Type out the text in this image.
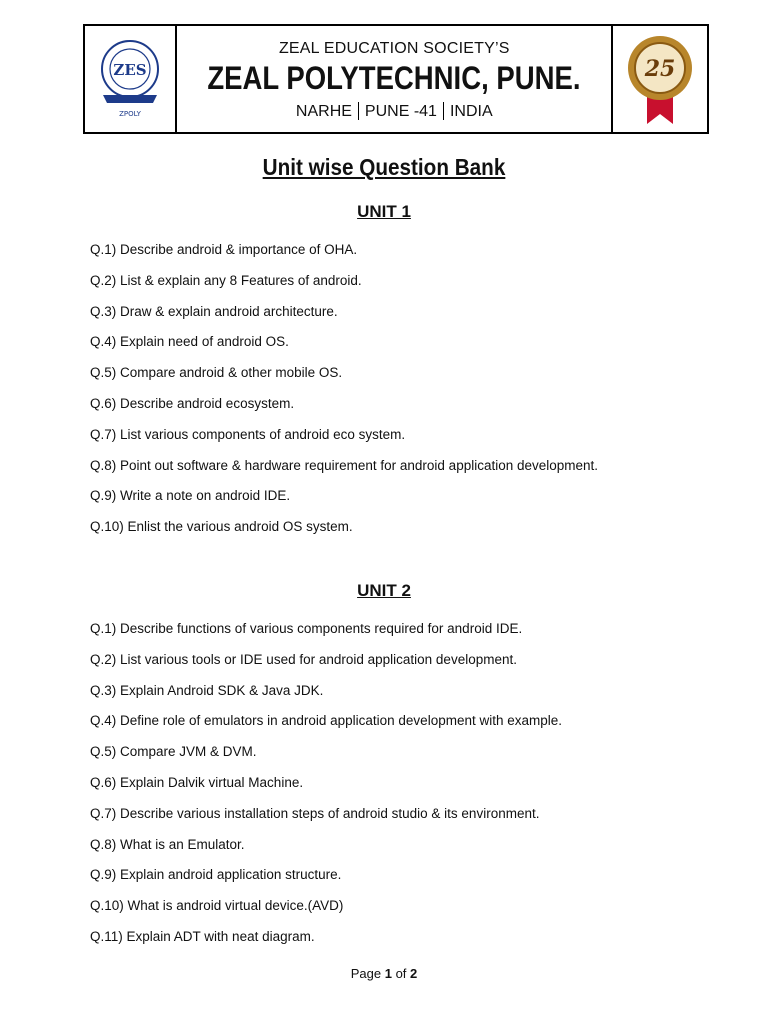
ZES
ZPOLY
ZEAL EDUCATION SOCIETY’S
ZEAL POLYTECHNIC, PUNE.
NARHE PUNE -41 INDIA
25
Unit wise Question Bank
UNIT 1
Q.1) Describe android & importance of OHA.
Q.2) List & explain any 8 Features of android.
Q.3) Draw & explain android architecture.
Q.4) Explain need of android OS.
Q.5) Compare android & other mobile OS.
Q.6) Describe android ecosystem.
Q.7) List various components of android eco system.
Q.8) Point out software & hardware requirement for android application development.
Q.9) Write a note on android IDE.
Q.10) Enlist the various android OS system.
UNIT 2
Q.1) Describe functions of various components required for android IDE.
Q.2) List various tools or IDE used for android application development.
Q.3) Explain Android SDK & Java JDK.
Q.4) Define role of emulators in android application development with example.
Q.5) Compare JVM & DVM.
Q.6) Explain Dalvik virtual Machine.
Q.7) Describe various installation steps of android studio & its environment.
Q.8) What is an Emulator.
Q.9) Explain android application structure.
Q.10) What is android virtual device.(AVD)
Q.11) Explain ADT with neat diagram.
Page 1 of 2
